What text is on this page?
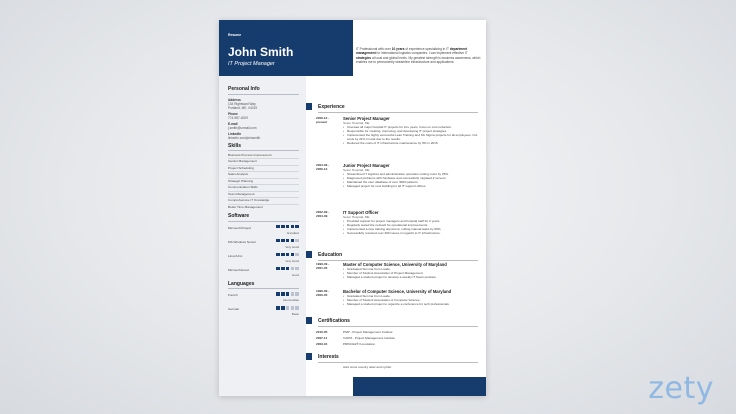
Resume
John Smith
IT Project Manager
IT Professional with over 10 years of experience specializing in IT department management for international logistics companies. I can implement effective IT strategies at local and global levels. My greatest strength is business awareness, which enables me to permanently streamline infrastructure and applications.
Personal Info
Address
134 Rightward Way
Portland, ME, 04019
Phone
774-987-4009
E-mail
j.smith@uxmail.com
LinkedIn
linkedin.com/johnsmith
Skills
Business Process Improvement
Vendor Management
Project Scheduling
Sales Analysis
Strategic Planning
Communication Skills
Team Management
Comprehensive IT Knowledge
Better Time Management
Software
Microsoft Project
Excellent
MS Windows Server
Very Good
Linux/Unix
Very Good
Microsoft Excel
Good
Languages
French
Intermediate
German
Basic
Experience
2006-12 -
present
Senior Project Manager
Seton Hospital, ME
• Oversaw all major hospital IT projects for 10+ years, focus on cost reduction.
• Responsible for creating, improving, and developing IT project strategies.
• Implemented the highly successful Lean Training and Six Sigma projects for all employees. Cut costs by 21% in total due to the results.
• Reduced the costs of IT infrastructure maintenance by 5% in 2015.
2004-09 -
2006-12
Junior Project Manager
Seton Hospital, ME
• Streamlined IT logistics and administration operation cutting costs by 25%.
• Diagnosed problems with hardware and successfully migrated 2 servers.
• Maintained the user database of over 3000 patients.
• Managed project for new building for all IT support offices.
2002-09 -
2004-09
IT Support Officer
Seton Hospital, ME
• Provided support for project managers and hospital staff for 2 years.
• Regularly tested the network for operational improvements.
• Implemented a new training document, cutting manual tasks by 60%.
• Successfully resolved over 300 issues in regards to IT infrastructure.
Education
1996-09 -
2001-05
Master of Computer Science, University of Maryland
• Graduated Summa Cum Laude.
• Member of Student Association of Project Management.
• Managed a student project to develop a weekly IT News podcast.
1996-09 -
2000-05
Bachelor of Computer Science, University of Maryland
• Graduated Summa Cum Laude.
• Member of Student Association of Computer Science.
• Managed a student project to organize a conference for tech professionals.
Certifications
2010-05	PMP - Project Management Institute
2007-11	CAPM - Project Management Institute
2003-04	PRINCE2® Foundation
Interests
Avid cross country skier and cyclist.
zety
